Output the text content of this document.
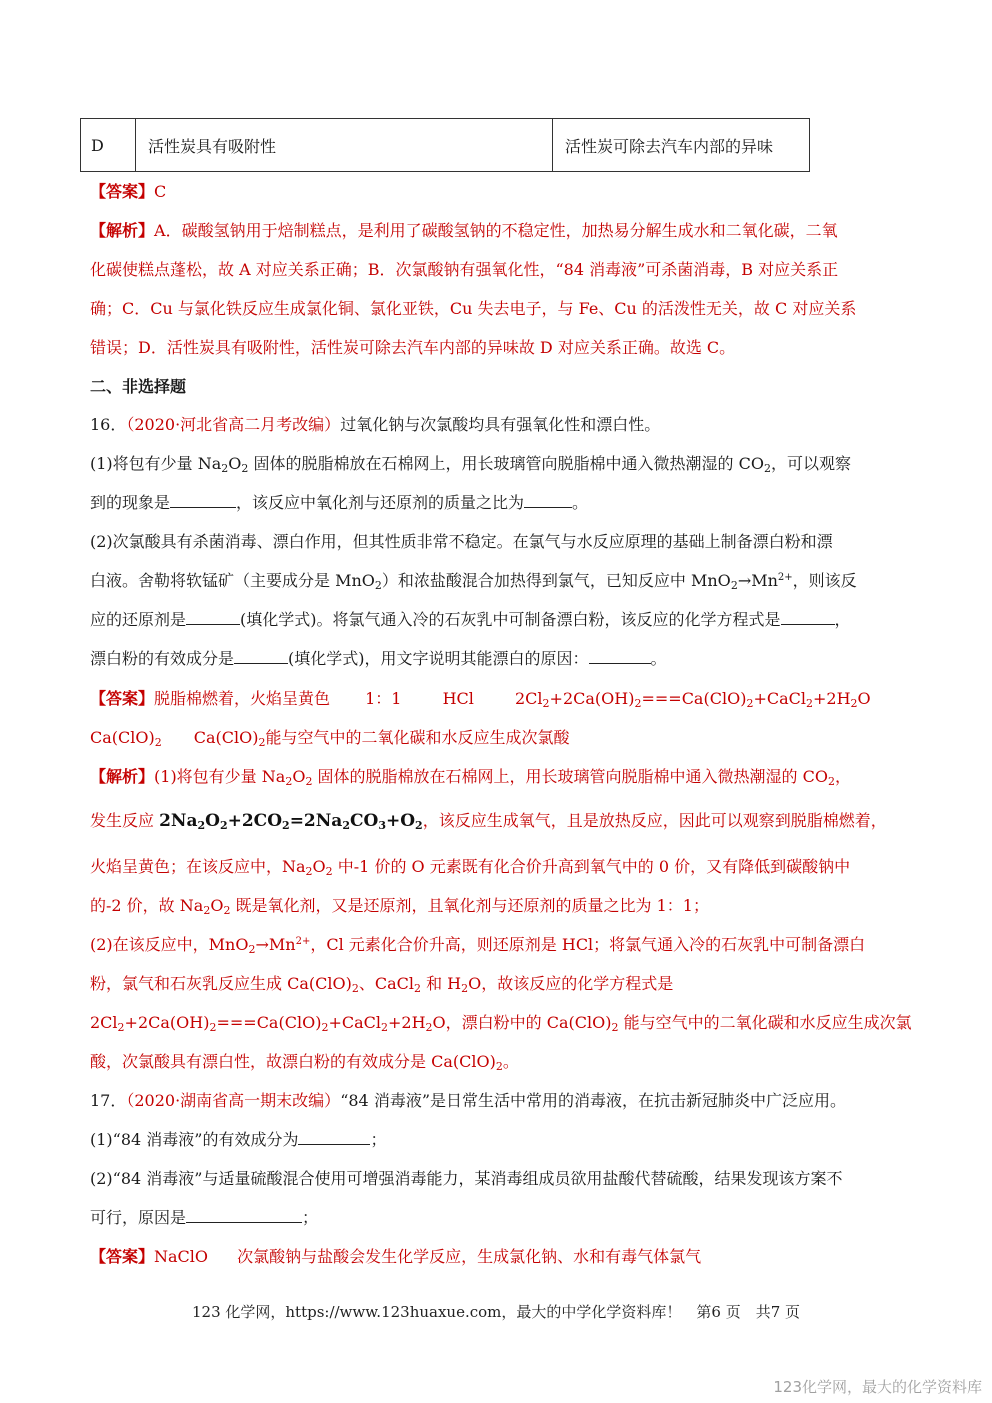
D	活性炭具有吸附性	活性炭可除去汽车内部的异味
【答案】C
【解析】A．碳酸氢钠用于焙制糕点，是利用了碳酸氢钠的不稳定性，加热易分解生成水和二氧化碳，二氧
化碳使糕点蓬松，故 A 对应关系正确；B．次氯酸钠有强氧化性，“84 消毒液”可杀菌消毒，B 对应关系正
确；C．Cu 与氯化铁反应生成氯化铜、氯化亚铁，Cu 失去电子，与 Fe、Cu 的活泼性无关，故 C 对应关系
错误；D．活性炭具有吸附性，活性炭可除去汽车内部的异味故 D 对应关系正确。故选 C。
二、非选择题
16．（2020·河北省高二月考改编）过氧化钠与次氯酸均具有强氧化性和漂白性。
(1)将包有少量 $Na_2O_2$ 固体的脱脂棉放在石棉网上，用长玻璃管向脱脂棉中通入微热潮湿的 $CO_2$，可以观察
到的现象是	，该反应中氧化剂与还原剂的质量之比为	。
(2)次氯酸具有杀菌消毒、漂白作用，但其性质非常不稳定。在氯气与水反应原理的基础上制备漂白粉和漂
白液。舍勒将软锰矿（主要成分是 MnO$_2$）和浓盐酸混合加热得到氯气，已知反应中 $MnO_2\to Mn^{2+}$，则该反
应的还原剂是	(填化学式)。将氯气通入冷的石灰乳中可制备漂白粉，该反应的化学方程式是	，
漂白粉的有效成分是	(填化学式)，用文字说明其能漂白的原因：	。
【答案】脱脂棉燃着，火焰呈黄色 1：1	HCl	$2Cl_2+2Ca(OH)_2===Ca(ClO)_2+CaCl_2+2H_2O$
$Ca(ClO)_2$ $Ca(ClO)_2$能与空气中的二氧化碳和水反应生成次氯酸
【解析】(1)将包有少量 $Na_2O_2$ 固体的脱脂棉放在石棉网上，用长玻璃管向脱脂棉中通入微热潮湿的 $CO_2$，
发生反应 $2Na_2O_2+2CO_2=2Na_2CO_3+O_2$，该反应生成氧气，且是放热反应，因此可以观察到脱脂棉燃着，
火焰呈黄色；在该反应中，$Na_2O_2$ 中-1 价的 O 元素既有化合价升高到氧气中的 0 价，又有降低到碳酸钠中
的-2 价，故 $Na_2O_2$ 既是氧化剂，又是还原剂，且氧化剂与还原剂的质量之比为 1：1；
(2)在该反应中，$MnO_2\to Mn^{2+}$，Cl 元素化合价升高，则还原剂是 HCl；将氯气通入冷的石灰乳中可制备漂白
粉，氯气和石灰乳反应生成 $Ca(ClO)_2$、CaCl$_2$ 和 $H_2O$，故该反应的化学方程式是
$2Cl_2+2Ca(OH)_2===Ca(ClO)_2+CaCl_2+2H_2O$，漂白粉中的 $Ca(ClO)_2$ 能与空气中的二氧化碳和水反应生成次氯
酸，次氯酸具有漂白性，故漂白粉的有效成分是 $Ca(ClO)_2$。
17．（2020·湖南省高一期末改编）“84 消毒液”是日常生活中常用的消毒液，在抗击新冠肺炎中广泛应用。
(1)“84 消毒液”的有效成分为	；
(2)“84 消毒液”与适量硫酸混合使用可增强消毒能力，某消毒组成员欲用盐酸代替硫酸，结果发现该方案不
可行，原因是	；
【答案】NaClO 次氯酸钠与盐酸会发生化学反应，生成氯化钠、水和有毒气体氯气
123 化学网，https://www.123huaxue.com，最大的中学化学资料库！　第6 页　共7 页
123化学网，最大的化学资料库
